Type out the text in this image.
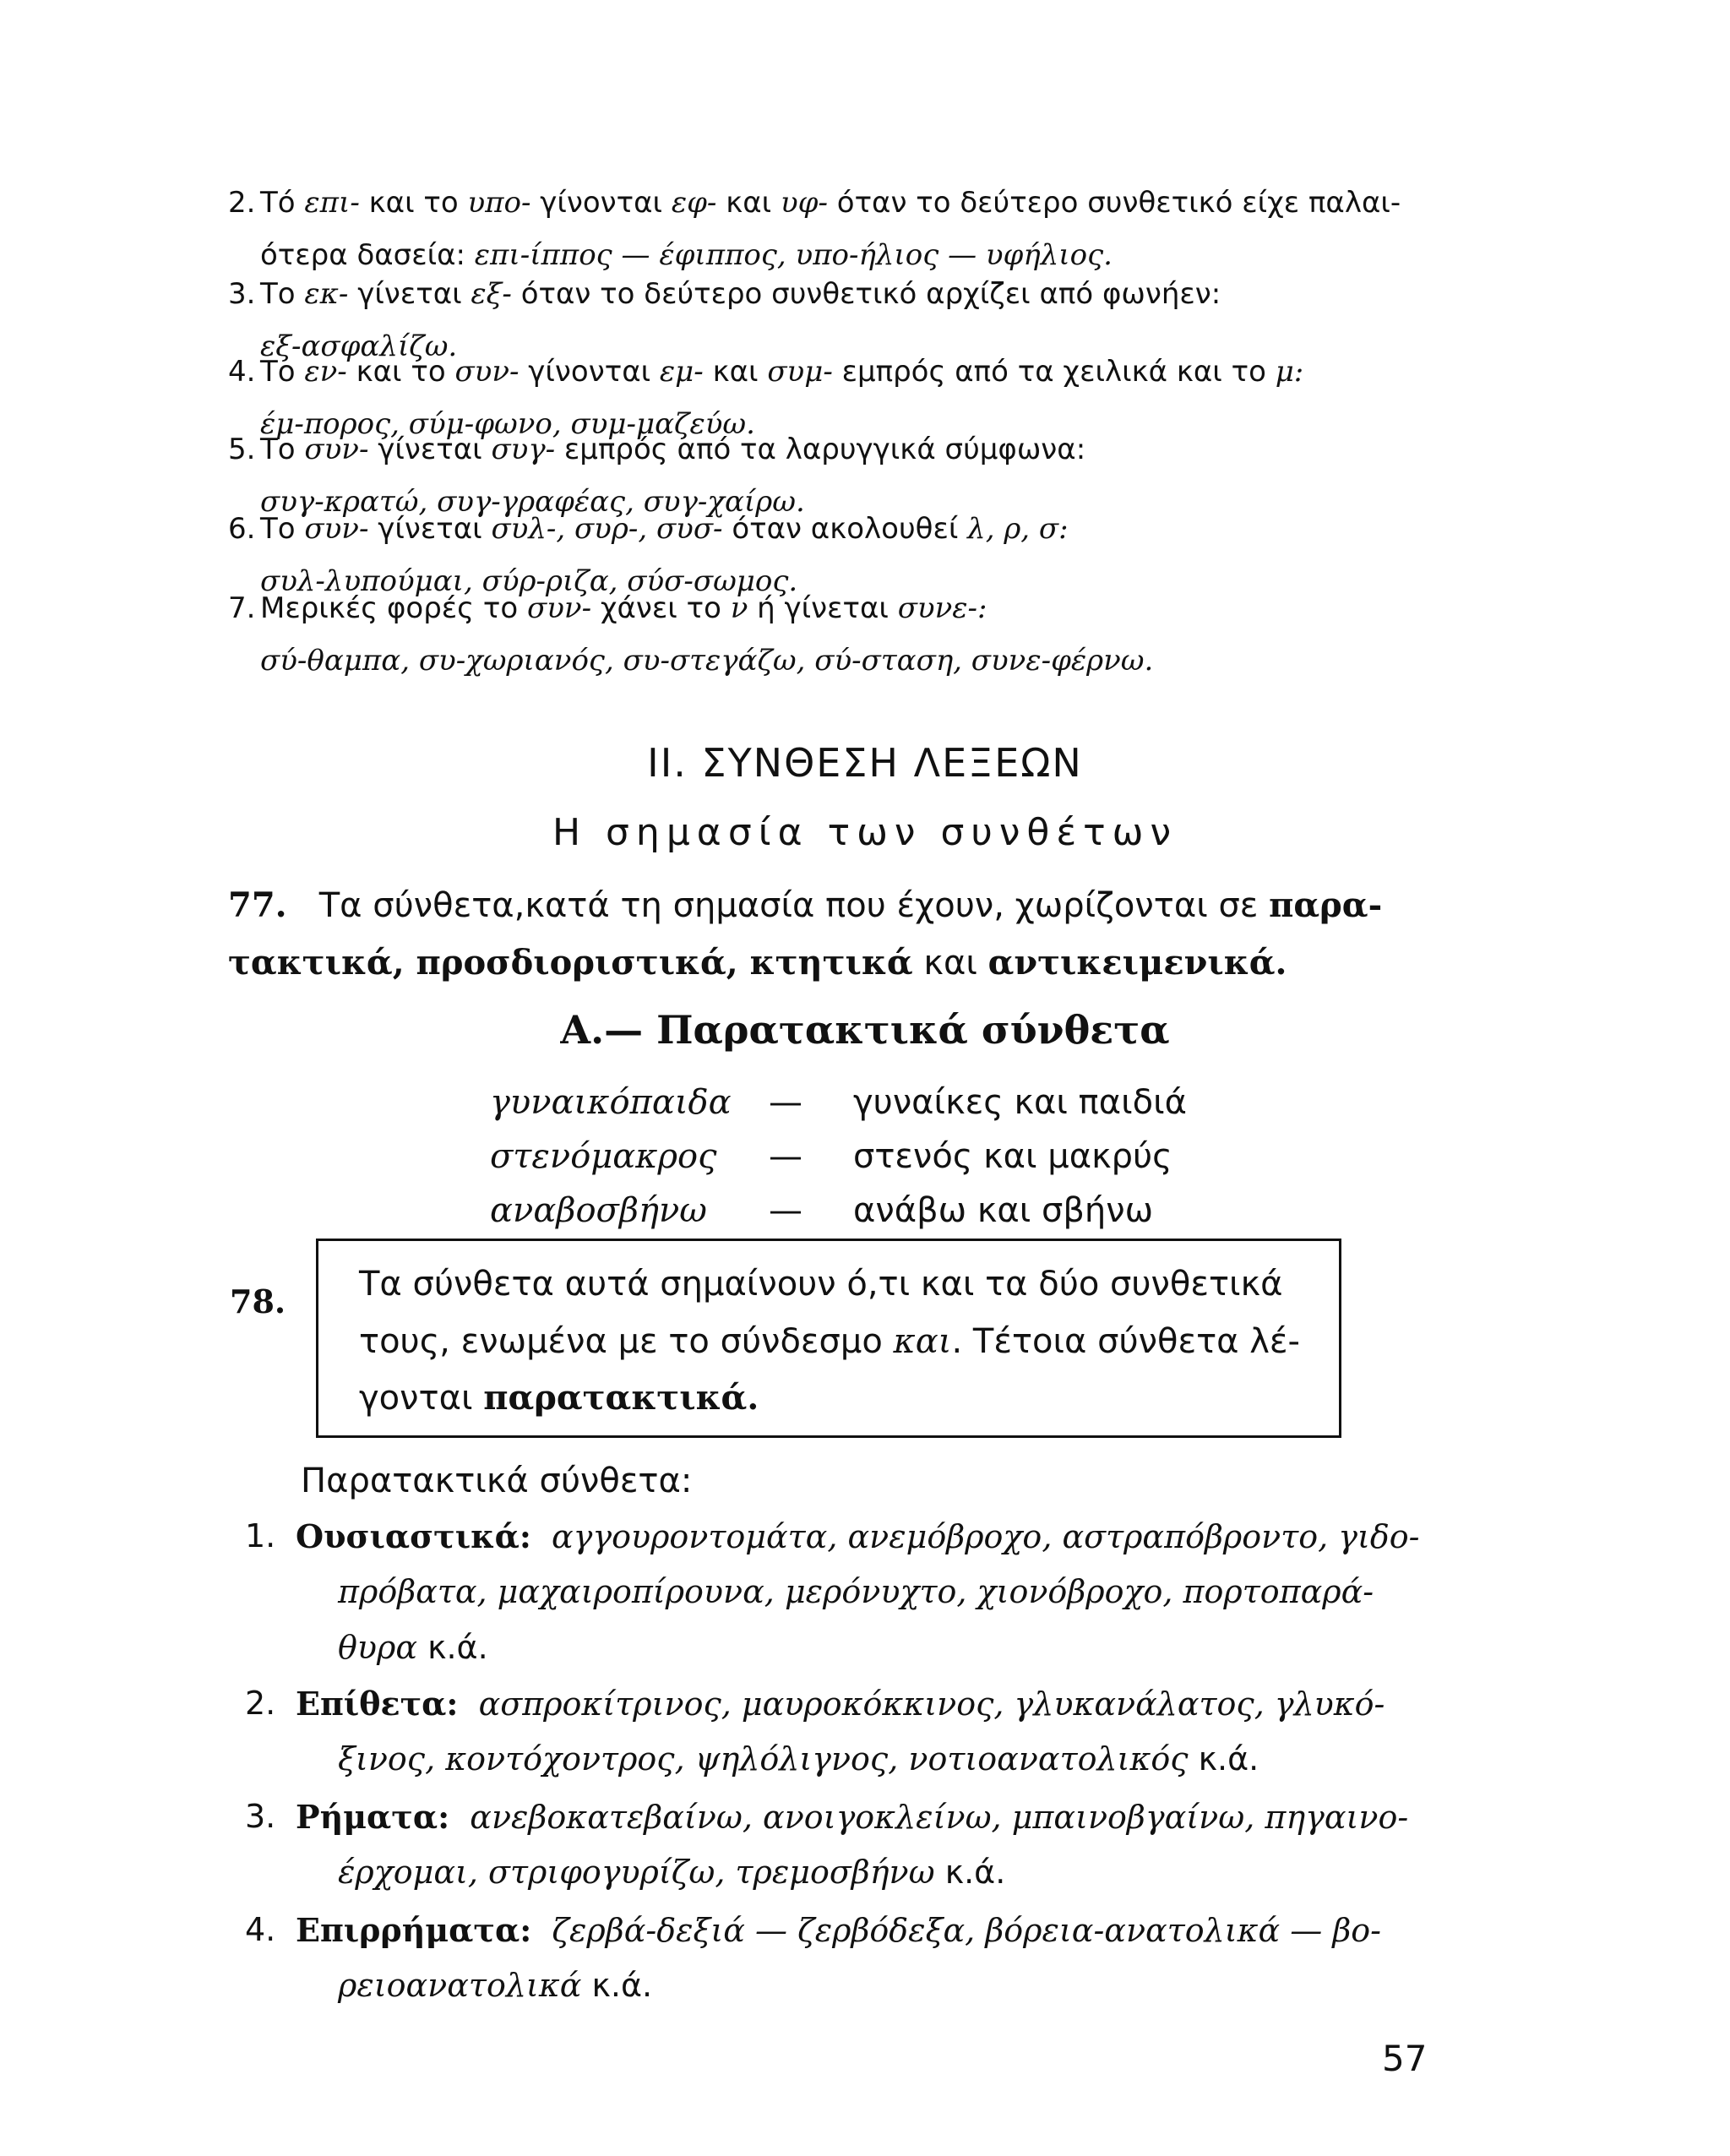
2. Τό επι- και το υπο- γίνονται εφ- και υφ- όταν το δεύτερο συνθετικό είχε παλαι-
ότερα δασεία: επι-ίππος — έφιππος, υπο-ήλιος — υφήλιος.
3. Το εκ- γίνεται εξ- όταν το δεύτερο συνθετικό αρχίζει από φωνήεν:
εξ-ασφαλίζω.
4. Το εν- και το συν- γίνονται εμ- και συμ- εμπρός από τα χειλικά και το μ:
έμ-πορος, σύμ-φωνο, συμ-μαζεύω.
5. Το συν- γίνεται συγ- εμπρός από τα λαρυγγικά σύμφωνα:
συγ-κρατώ, συγ-γραφέας, συγ-χαίρω.
6. Το συν- γίνεται συλ-, συρ-, συσ- όταν ακολουθεί λ, ρ, σ:
συλ-λυπούμαι, σύρ-ριζα, σύσ-σωμος.
7. Μερικές φορές το συν- χάνει το ν ή γίνεται συνε-:
σύ-θαμπα, συ-χωριανός, συ-στεγάζω, σύ-σταση, συνε-φέρνω.
II. ΣΥΝΘΕΣΗ ΛΕΞΕΩΝ
Η σημασία των συνθέτων
77. Τα σύνθετα,κατά τη σημασία που έχουν, χωρίζονται σε παρα-
τακτικά, προσδιοριστικά, κτητικά και αντικειμενικά.
Α.— Παρατακτικά σύνθετα
γυναικόπαιδα — γυναίκες και παιδιά
στενόμακρος — στενός και μακρύς
αναβοσβήνω — ανάβω και σβήνω
78. Τα σύνθετα αυτά σημαίνουν ό,τι και τα δύο συνθετικά
τους, ενωμένα με το σύνδεσμο και. Τέτοια σύνθετα λέ-
γονται παρατακτικά.
Παρατακτικά σύνθετα:
1. Ουσιαστικά: αγγουροντομάτα, ανεμόβροχο, αστραπόβροντο, γιδο-
πρόβατα, μαχαιροπίρουνα, μερόνυχτο, χιονόβροχο, πορτοπαρά-
θυρα κ.ά.
2. Επίθετα: ασπροκίτρινος, μαυροκόκκινος, γλυκανάλατος, γλυκό-
ξινος, κοντόχοντρος, ψηλόλιγνος, νοτιοανατολικός κ.ά.
3. Ρήματα: ανεβοκατεβαίνω, ανοιγοκλείνω, μπαινοβγαίνω, πηγαινο-
έρχομαι, στριφογυρίζω, τρεμοσβήνω κ.ά.
4. Επιρρήματα: ζερβά-δεξιά — ζερβόδεξα, βόρεια-ανατολικά — βο-
ρειοανατολικά κ.ά.
57
